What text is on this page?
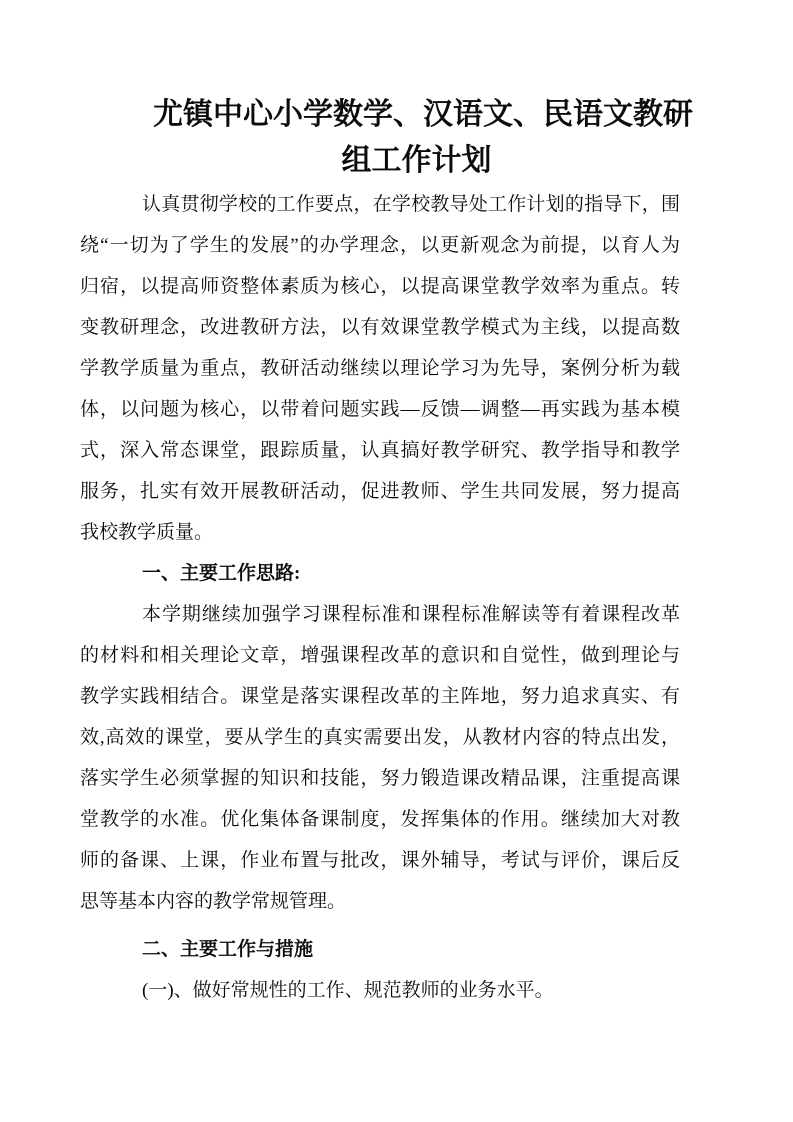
尤镇中心小学数学、汉语文、民语文教研
组工作计划
认真贯彻学校的工作要点，在学校教导处工作计划的指导下，围
绕“一切为了学生的发展”的办学理念，以更新观念为前提，以育人为
归宿，以提高师资整体素质为核心，以提高课堂教学效率为重点。转
变教研理念，改进教研方法，以有效课堂教学模式为主线，以提高数
学教学质量为重点，教研活动继续以理论学习为先导，案例分析为载
体，以问题为核心，以带着问题实践—反馈—调整—再实践为基本模
式，深入常态课堂，跟踪质量，认真搞好教学研究、教学指导和教学
服务，扎实有效开展教研活动，促进教师、学生共同发展，努力提高
我校教学质量。
一、主要工作思路:
本学期继续加强学习课程标准和课程标准解读等有着课程改革
的材料和相关理论文章，增强课程改革的意识和自觉性，做到理论与
教学实践相结合。课堂是落实课程改革的主阵地，努力追求真实、有
效,高效的课堂，要从学生的真实需要出发，从教材内容的特点出发，
落实学生必须掌握的知识和技能，努力锻造课改精品课，注重提高课
堂教学的水准。优化集体备课制度，发挥集体的作用。继续加大对教
师的备课、上课，作业布置与批改，课外辅导，考试与评价，课后反
思等基本内容的教学常规管理。
二、主要工作与措施
(一)、做好常规性的工作、规范教师的业务水平。
